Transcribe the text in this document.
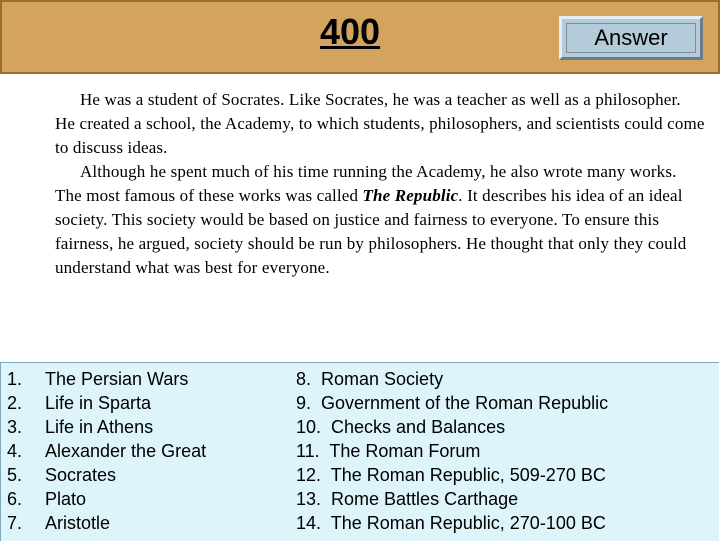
400	Answer

He was a student of Socrates. Like Socrates, he was a teacher as well as a philosopher. He created a school, the Academy, to which students, philosophers, and scientists could come to discuss ideas.

Although he spent much of his time running the Academy, he also wrote many works. The most famous of these works was called The Republic. It describes his idea of an ideal society. This society would be based on justice and fairness to everyone. To ensure this fairness, he argued, society should be run by philosophers. He thought that only they could understand what was best for everyone.

1. The Persian Wars
2. Life in Sparta
3. Life in Athens
4. Alexander the Great
5. Socrates
6. Plato
7. Aristotle
8.  Roman Society
9.  Government of the Roman Republic
10.  Checks and Balances
11.  The Roman Forum
12.  The Roman Republic, 509-270 BC
13.  Rome Battles Carthage
14.  The Roman Republic, 270-100 BC
